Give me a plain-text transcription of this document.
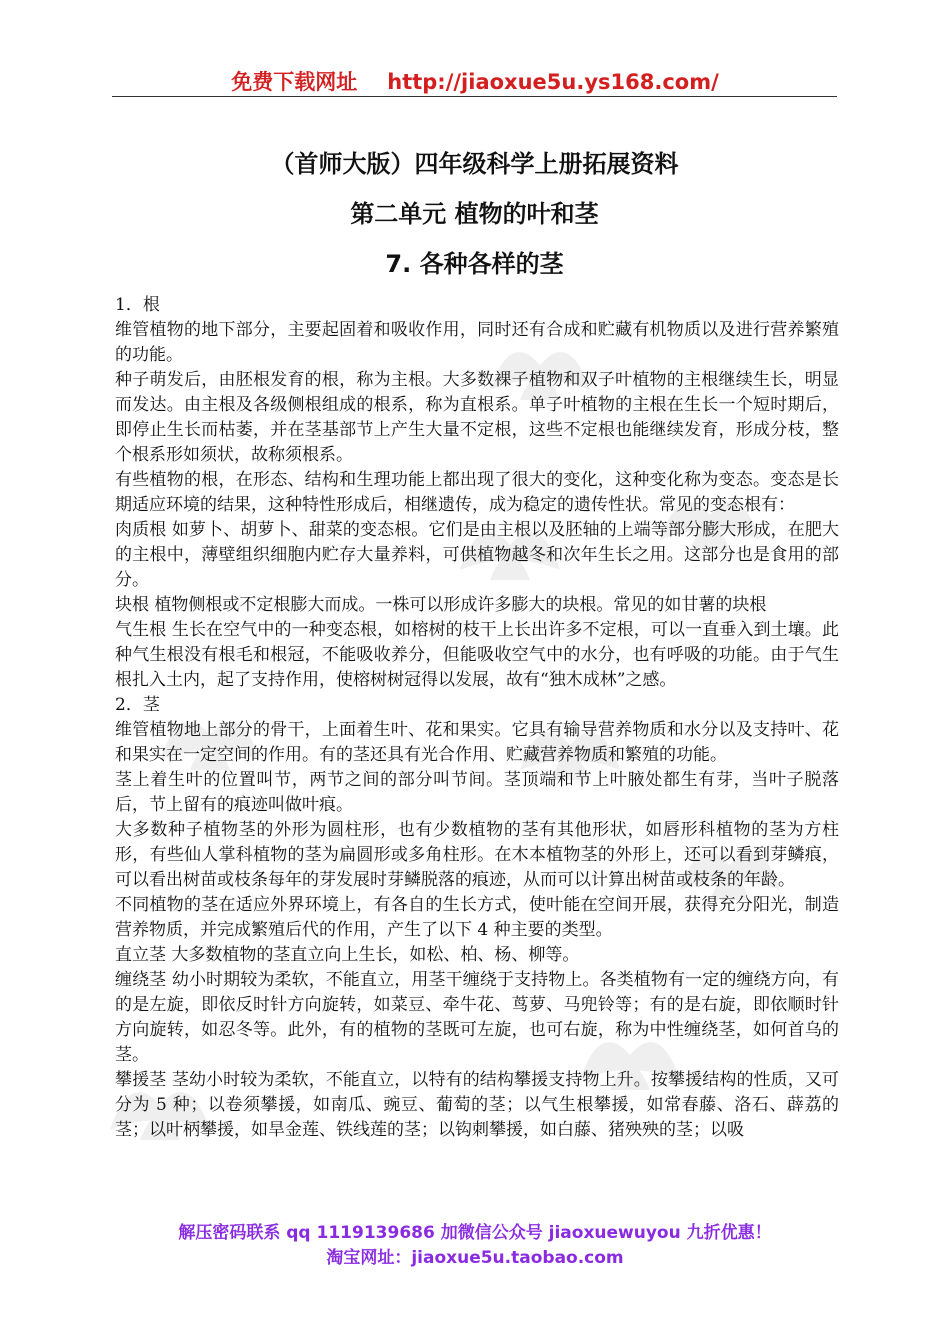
免费下载网址 http://jiaoxue5u.ys168.com/
（首师大版）四年级科学上册拓展资料
第二单元 植物的叶和茎
7. 各种各样的茎

1．根

维管植物的地下部分，主要起固着和吸收作用，同时还有合成和贮藏有机物质以及进行营养繁殖的功能。

种子萌发后，由胚根发育的根，称为主根。大多数裸子植物和双子叶植物的主根继续生长，明显而发达。由主根及各级侧根组成的根系，称为直根系。单子叶植物的主根在生长一个短时期后，即停止生长而枯萎，并在茎基部节上产生大量不定根，这些不定根也能继续发育，形成分枝，整个根系形如须状，故称须根系。

有些植物的根，在形态、结构和生理功能上都出现了很大的变化，这种变化称为变态。变态是长期适应环境的结果，这种特性形成后，相继遗传，成为稳定的遗传性状。常见的变态根有：

肉质根 如萝卜、胡萝卜、甜菜的变态根。它们是由主根以及胚轴的上端等部分膨大形成，在肥大的主根中，薄壁组织细胞内贮存大量养料，可供植物越冬和次年生长之用。这部分也是食用的部分。

块根 植物侧根或不定根膨大而成。一株可以形成许多膨大的块根。常见的如甘薯的块根

气生根 生长在空气中的一种变态根，如榕树的枝干上长出许多不定根，可以一直垂入到土壤。此种气生根没有根毛和根冠，不能吸收养分，但能吸收空气中的水分，也有呼吸的功能。由于气生根扎入土内，起了支持作用，使榕树树冠得以发展，故有“独木成林”之感。

2．茎

维管植物地上部分的骨干，上面着生叶、花和果实。它具有输导营养物质和水分以及支持叶、花和果实在一定空间的作用。有的茎还具有光合作用、贮藏营养物质和繁殖的功能。

茎上着生叶的位置叫节，两节之间的部分叫节间。茎顶端和节上叶腋处都生有芽，当叶子脱落后，节上留有的痕迹叫做叶痕。

大多数种子植物茎的外形为圆柱形，也有少数植物的茎有其他形状，如唇形科植物的茎为方柱形，有些仙人掌科植物的茎为扁圆形或多角柱形。在木本植物茎的外形上，还可以看到芽鳞痕，可以看出树苗或枝条每年的芽发展时芽鳞脱落的痕迹，从而可以计算出树苗或枝条的年龄。

不同植物的茎在适应外界环境上，有各自的生长方式，使叶能在空间开展，获得充分阳光，制造营养物质，并完成繁殖后代的作用，产生了以下 4 种主要的类型。

直立茎 大多数植物的茎直立向上生长，如松、柏、杨、柳等。

缠绕茎 幼小时期较为柔软，不能直立，用茎干缠绕于支持物上。各类植物有一定的缠绕方向，有的是左旋，即依反时针方向旋转，如菜豆、牵牛花、茑萝、马兜铃等；有的是右旋，即依顺时针方向旋转，如忍冬等。此外，有的植物的茎既可左旋，也可右旋，称为中性缠绕茎，如何首乌的茎。

攀援茎 茎幼小时较为柔软，不能直立，以特有的结构攀援支持物上升。按攀援结构的性质，又可分为 5 种；以卷须攀援，如南瓜、豌豆、葡萄的茎；以气生根攀援，如常春藤、洛石、薜荔的茎；以叶柄攀援，如旱金莲、铁线莲的茎；以钩刺攀援，如白藤、猪殃殃的茎；以吸

解压密码联系 qq 1119139686 加微信公众号 jiaoxuewuyou 九折优惠！
淘宝网址：jiaoxue5u.taobao.com
